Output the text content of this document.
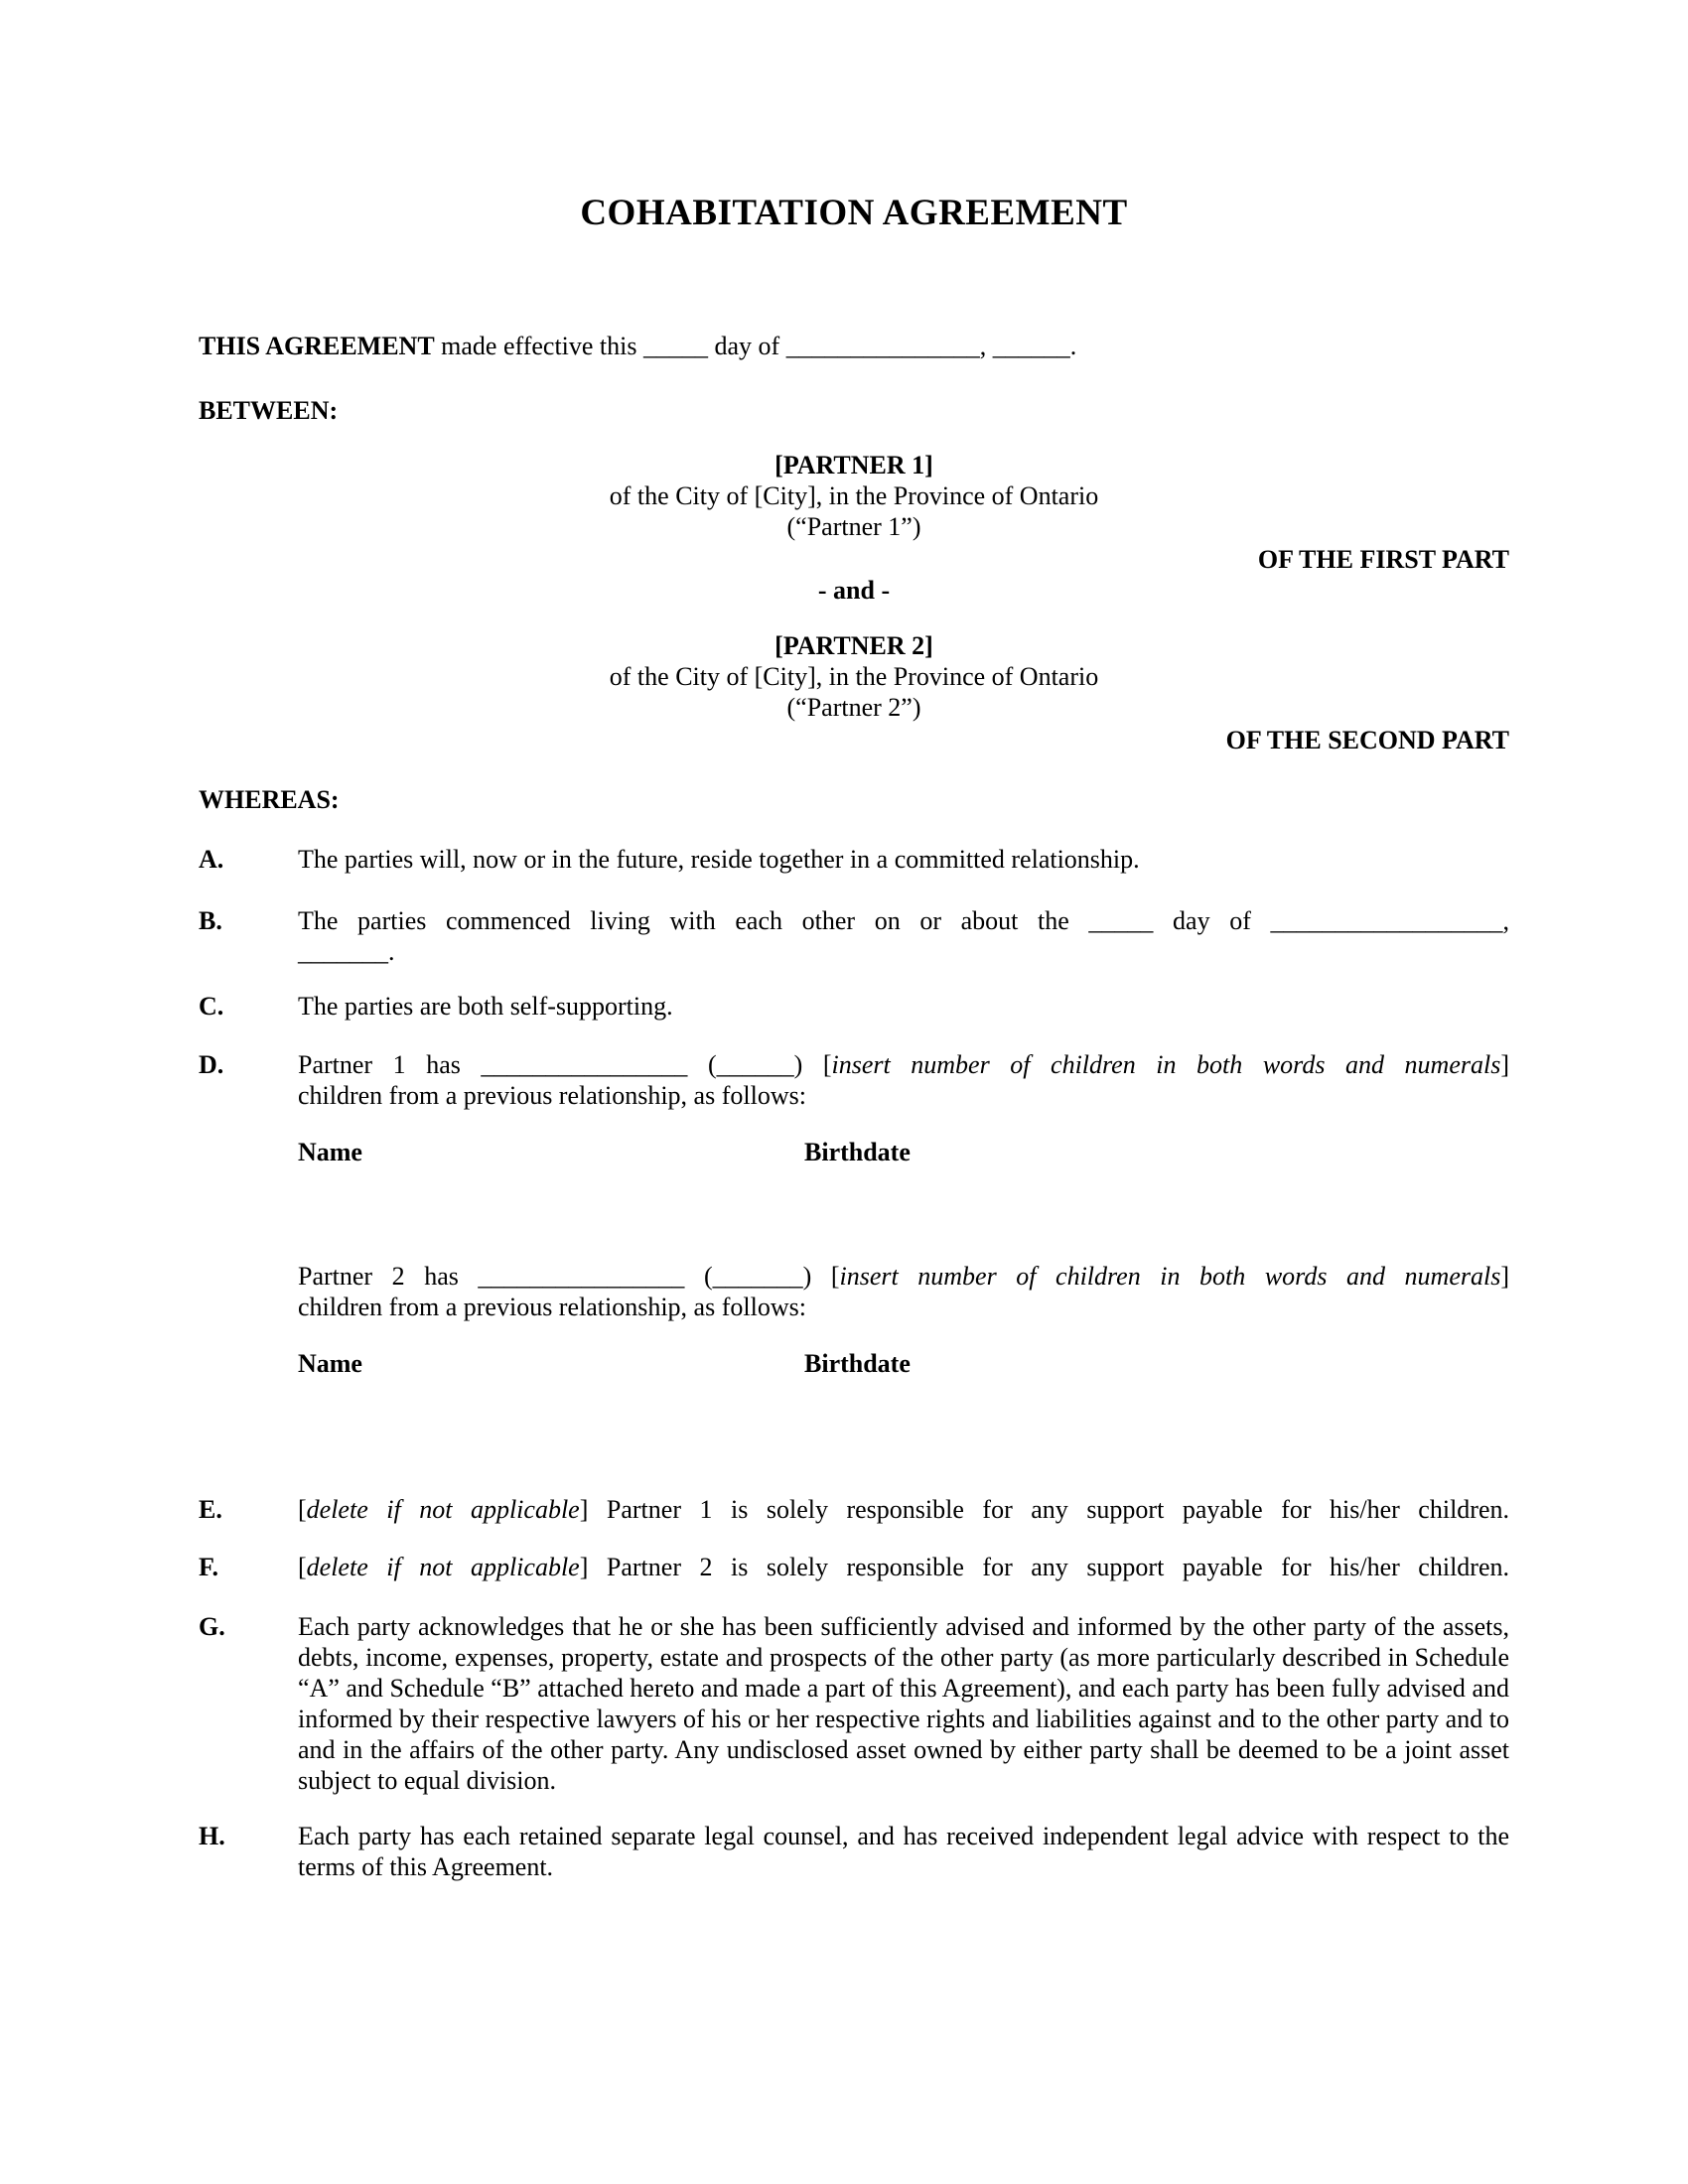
COHABITATION AGREEMENT
THIS AGREEMENT made effective this _____ day of _______________, ______.
BETWEEN:
[PARTNER 1]
of the City of [City], in the Province of Ontario
(“Partner 1”)
OF THE FIRST PART
- and -
[PARTNER 2]
of the City of [City], in the Province of Ontario
(“Partner 2”)
OF THE SECOND PART
WHEREAS:
A.	The parties will, now or in the future, reside together in a committed relationship.
B.	The parties commenced living with each other on or about the _____ day of __________________,
_______.
C.	The parties are both self-supporting.
D.	Partner 1 has ________________ (______) [insert number of children in both words and numerals]
children from a previous relationship, as follows:
Name	Birthdate
Partner 2 has ________________ (_______) [insert number of children in both words and numerals]
children from a previous relationship, as follows:
Name	Birthdate
E.	[delete if not applicable] Partner 1 is solely responsible for any support payable for his/her children.
F.	[delete if not applicable] Partner 2 is solely responsible for any support payable for his/her children.
G.	Each party acknowledges that he or she has been sufficiently advised and informed by the other party of the assets, debts, income, expenses, property, estate and prospects of the other party (as more particularly described in Schedule “A” and Schedule “B” attached hereto and made a part of this Agreement), and each party has been fully advised and informed by their respective lawyers of his or her respective rights and liabilities against and to the other party and to and in the affairs of the other party. Any undisclosed asset owned by either party shall be deemed to be a joint asset subject to equal division.
H.	Each party has each retained separate legal counsel, and has received independent legal advice with respect to the terms of this Agreement.
